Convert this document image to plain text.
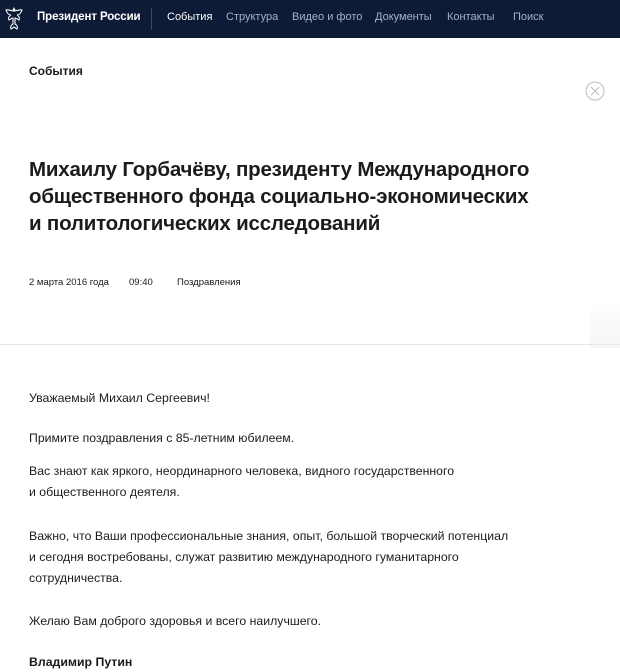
Президент России События Структура Видео и фото Документы Контакты Поиск
События
Михаилу Горбачёву, президенту Международного
общественного фонда социально-экономических
и политологических исследований
2 марта 2016 года 09:40	Поздравления

Уважаемый Михаил Сергеевич!

Примите поздравления с 85-летним юбилеем.

Вас знают как яркого, неординарного человека, видного государственного
и общественного деятеля.

Важно, что Ваши профессиональные знания, опыт, большой творческий потенциал
и сегодня востребованы, служат развитию международного гуманитарного
сотрудничества.

Желаю Вам доброго здоровья и всего наилучшего.

Владимир Путин
